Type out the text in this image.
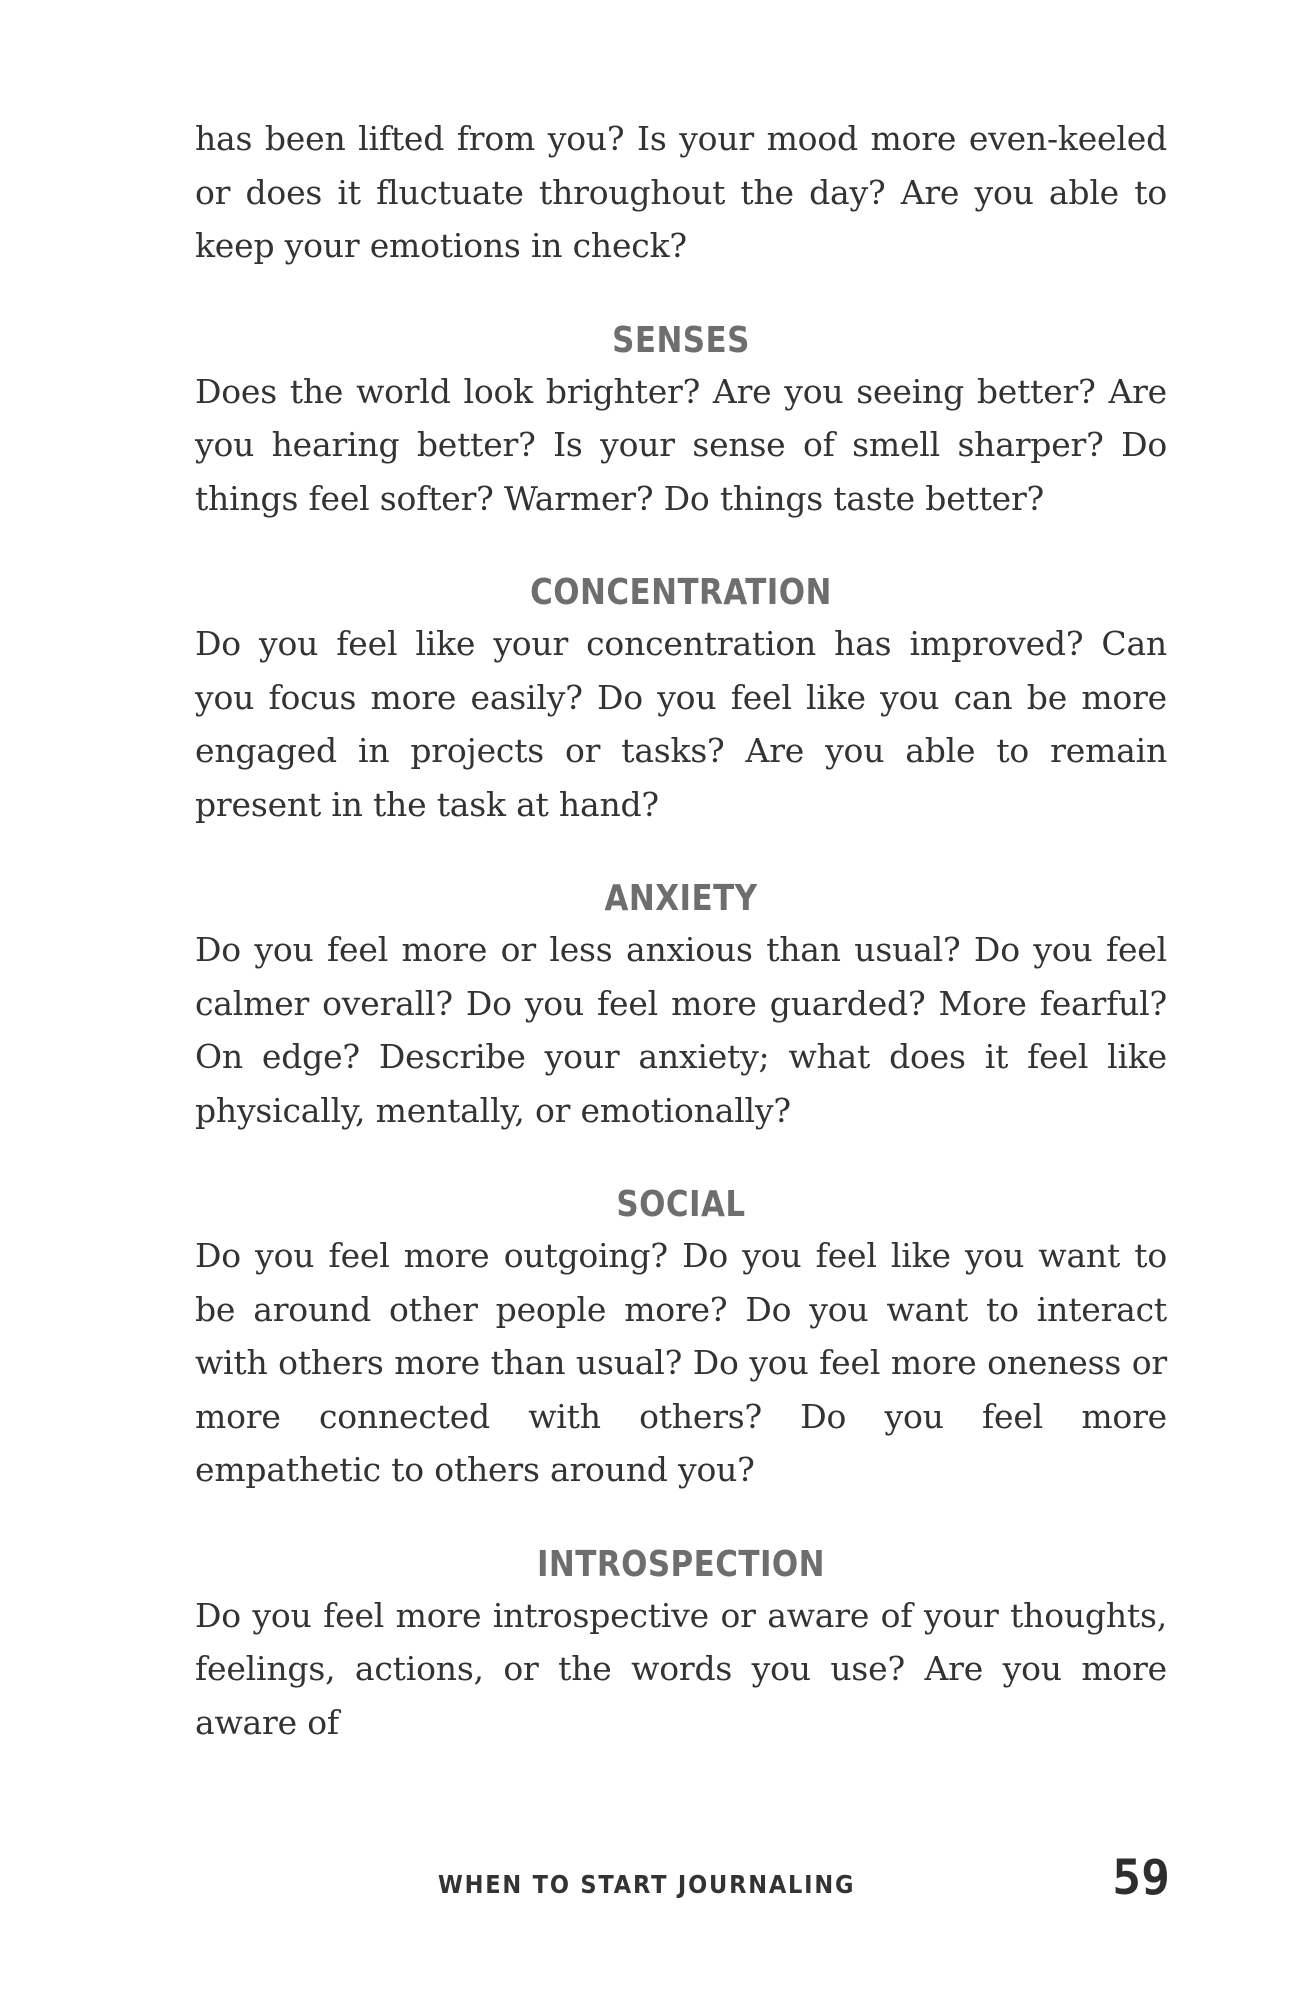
has been lifted from you? Is your mood more even-keeled or does it fluctuate throughout the day? Are you able to keep your emotions in check?

SENSES

Does the world look brighter? Are you seeing better? Are you hearing better? Is your sense of smell sharper? Do things feel softer? Warmer? Do things taste better?

CONCENTRATION

Do you feel like your concentration has improved? Can you focus more easily? Do you feel like you can be more engaged in projects or tasks? Are you able to remain present in the task at hand?

ANXIETY

Do you feel more or less anxious than usual? Do you feel calmer overall? Do you feel more guarded? More fearful? On edge? Describe your anxiety; what does it feel like physically, mentally, or emotionally?

SOCIAL

Do you feel more outgoing? Do you feel like you want to be around other people more? Do you want to interact with others more than usual? Do you feel more oneness or more connected with others? Do you feel more empathetic to others around you?

INTROSPECTION

Do you feel more introspective or aware of your thoughts, feelings, actions, or the words you use? Are you more aware of

WHEN TO START JOURNALING	59
